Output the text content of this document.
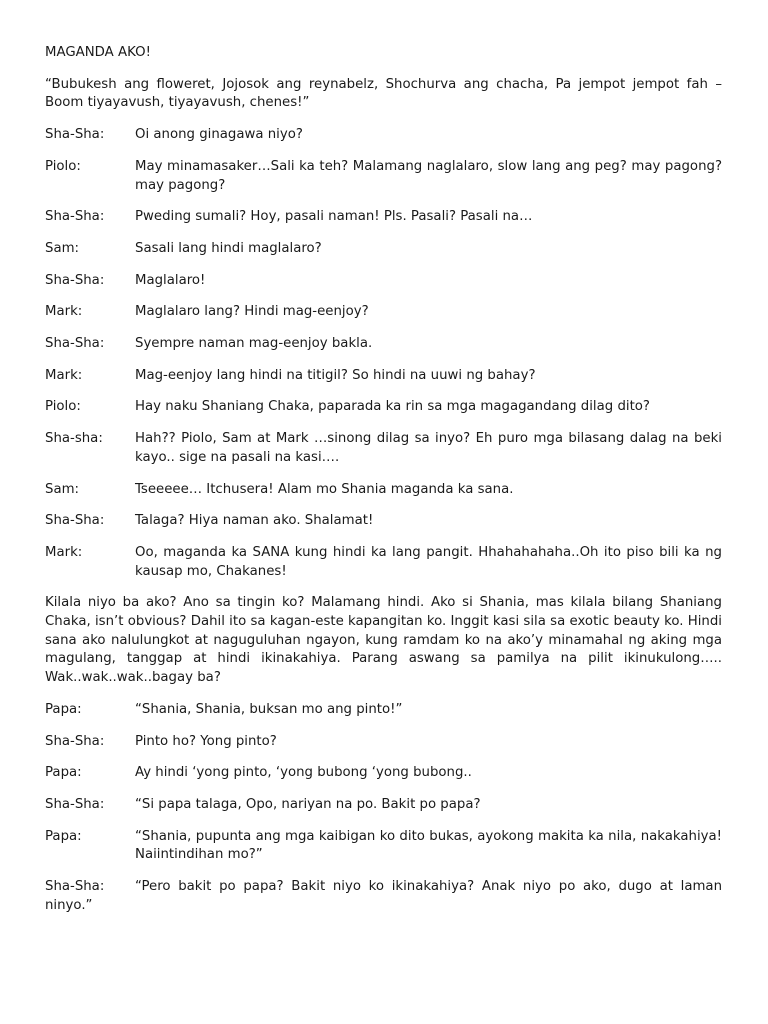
MAGANDA AKO!
“Bubukesh ang floweret, Jojosok ang reynabelz, Shochurva ang chacha, Pa jempot jempot fah – Boom tiyayavush, tiyayavush, chenes!”
Sha-Sha:	Oi anong ginagawa niyo?
Piolo:	May minamasaker…Sali ka teh? Malamang naglalaro, slow lang ang peg? may pagong? may pagong?
Sha-Sha:	Pweding sumali? Hoy, pasali naman! Pls. Pasali? Pasali na…
Sam:	Sasali lang hindi maglalaro?
Sha-Sha:	Maglalaro!
Mark:	Maglalaro lang? Hindi mag-eenjoy?
Sha-Sha:	Syempre naman mag-eenjoy bakla.
Mark:	Mag-eenjoy lang hindi na titigil? So hindi na uuwi ng bahay?
Piolo:	Hay naku Shaniang Chaka, paparada ka rin sa mga magagandang dilag dito?
Sha-sha:	Hah?? Piolo, Sam at Mark …sinong dilag sa inyo? Eh puro mga bilasang dalag na beki kayo.. sige na pasali na kasi….
Sam:	Tseeeee… Itchusera! Alam mo Shania maganda ka sana.
Sha-Sha:	Talaga? Hiya naman ako. Shalamat!
Mark:	Oo, maganda ka SANA kung hindi ka lang pangit. Hhahahahaha..Oh ito piso bili ka ng kausap mo, Chakanes!
Kilala niyo ba ako? Ano sa tingin ko? Malamang hindi. Ako si Shania, mas kilala bilang Shaniang Chaka, isn’t obvious? Dahil ito sa kagan-este kapangitan ko. Inggit kasi sila sa exotic beauty ko. Hindi sana ako nalulungkot at naguguluhan ngayon, kung ramdam ko na ako’y minamahal ng aking mga magulang, tanggap at hindi ikinakahiya. Parang aswang sa pamilya na pilit ikinukulong….. Wak..wak..wak..bagay ba?
Papa:	“Shania, Shania, buksan mo ang pinto!”
Sha-Sha:	Pinto ho? Yong pinto?
Papa:	Ay hindi ‘yong pinto, ‘yong bubong ‘yong bubong..
Sha-Sha:	“Si papa talaga, Opo, nariyan na po. Bakit po papa?
Papa:	“Shania, pupunta ang mga kaibigan ko dito bukas, ayokong makita ka nila, nakakahiya! Naiintindihan mo?”
Sha-Sha: “Pero bakit po papa? Bakit niyo ko ikinakahiya? Anak niyo po ako, dugo at laman ninyo.”
